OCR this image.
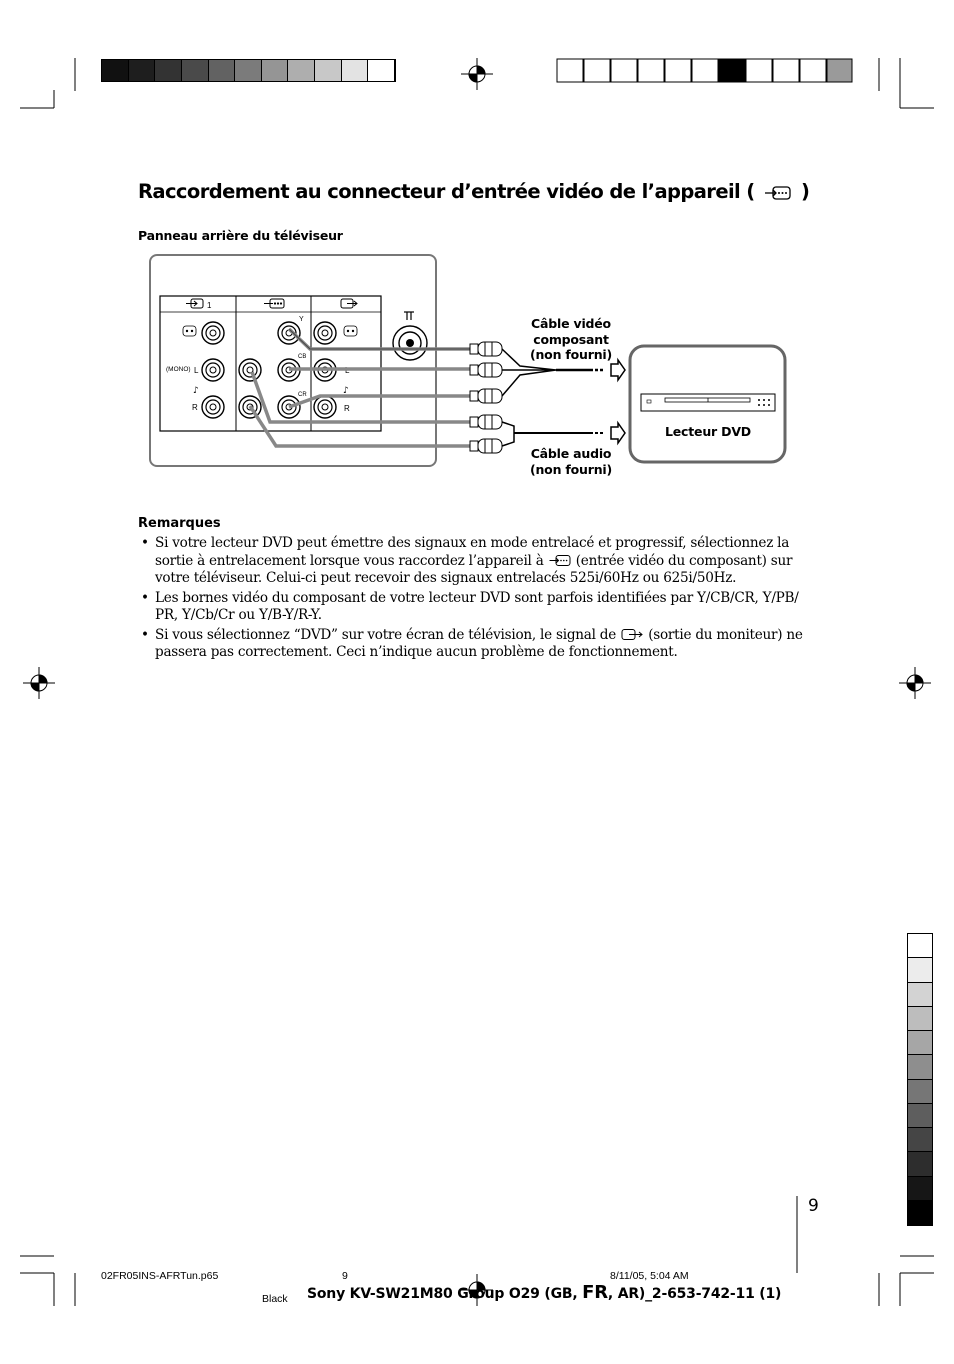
Raccordement au connecteur d’entrée vidéo de l’appareil ( )
Panneau arrière du téléviseur
1
(MONO) L
R
L
R
Y
CB
CR
♪	♪
Câble vidéo
composant
(non fourni)
Câble audio
(non fourni)
Lecteur DVD
Remarques
• Si votre lecteur DVD peut émettre des signaux en mode entrelacé et progressif, sélectionnez la sortie à entrelacement lorsque vous raccordez l’appareil à (entrée vidéo du composant) sur votre téléviseur. Celui-ci peut recevoir des signaux entrelacés 525i/60Hz ou 625i/50Hz.
• Les bornes vidéo du composant de votre lecteur DVD sont parfois identifiées par Y/CB/CR, Y/PB/ PR, Y/Cb/Cr ou Y/B-Y/R-Y.
• Si vous sélectionnez “DVD” sur votre écran de télévision, le signal de (sortie du moniteur) ne passera pas correctement. Ceci n’indique aucun problème de fonctionnement.
9
02FR05INS-AFRTun.p65	9	8/11/05, 5:04 AM
Black Sony KV-SW21M80 Group O29 (GB, FR, AR)_2-653-742-11 (1)
